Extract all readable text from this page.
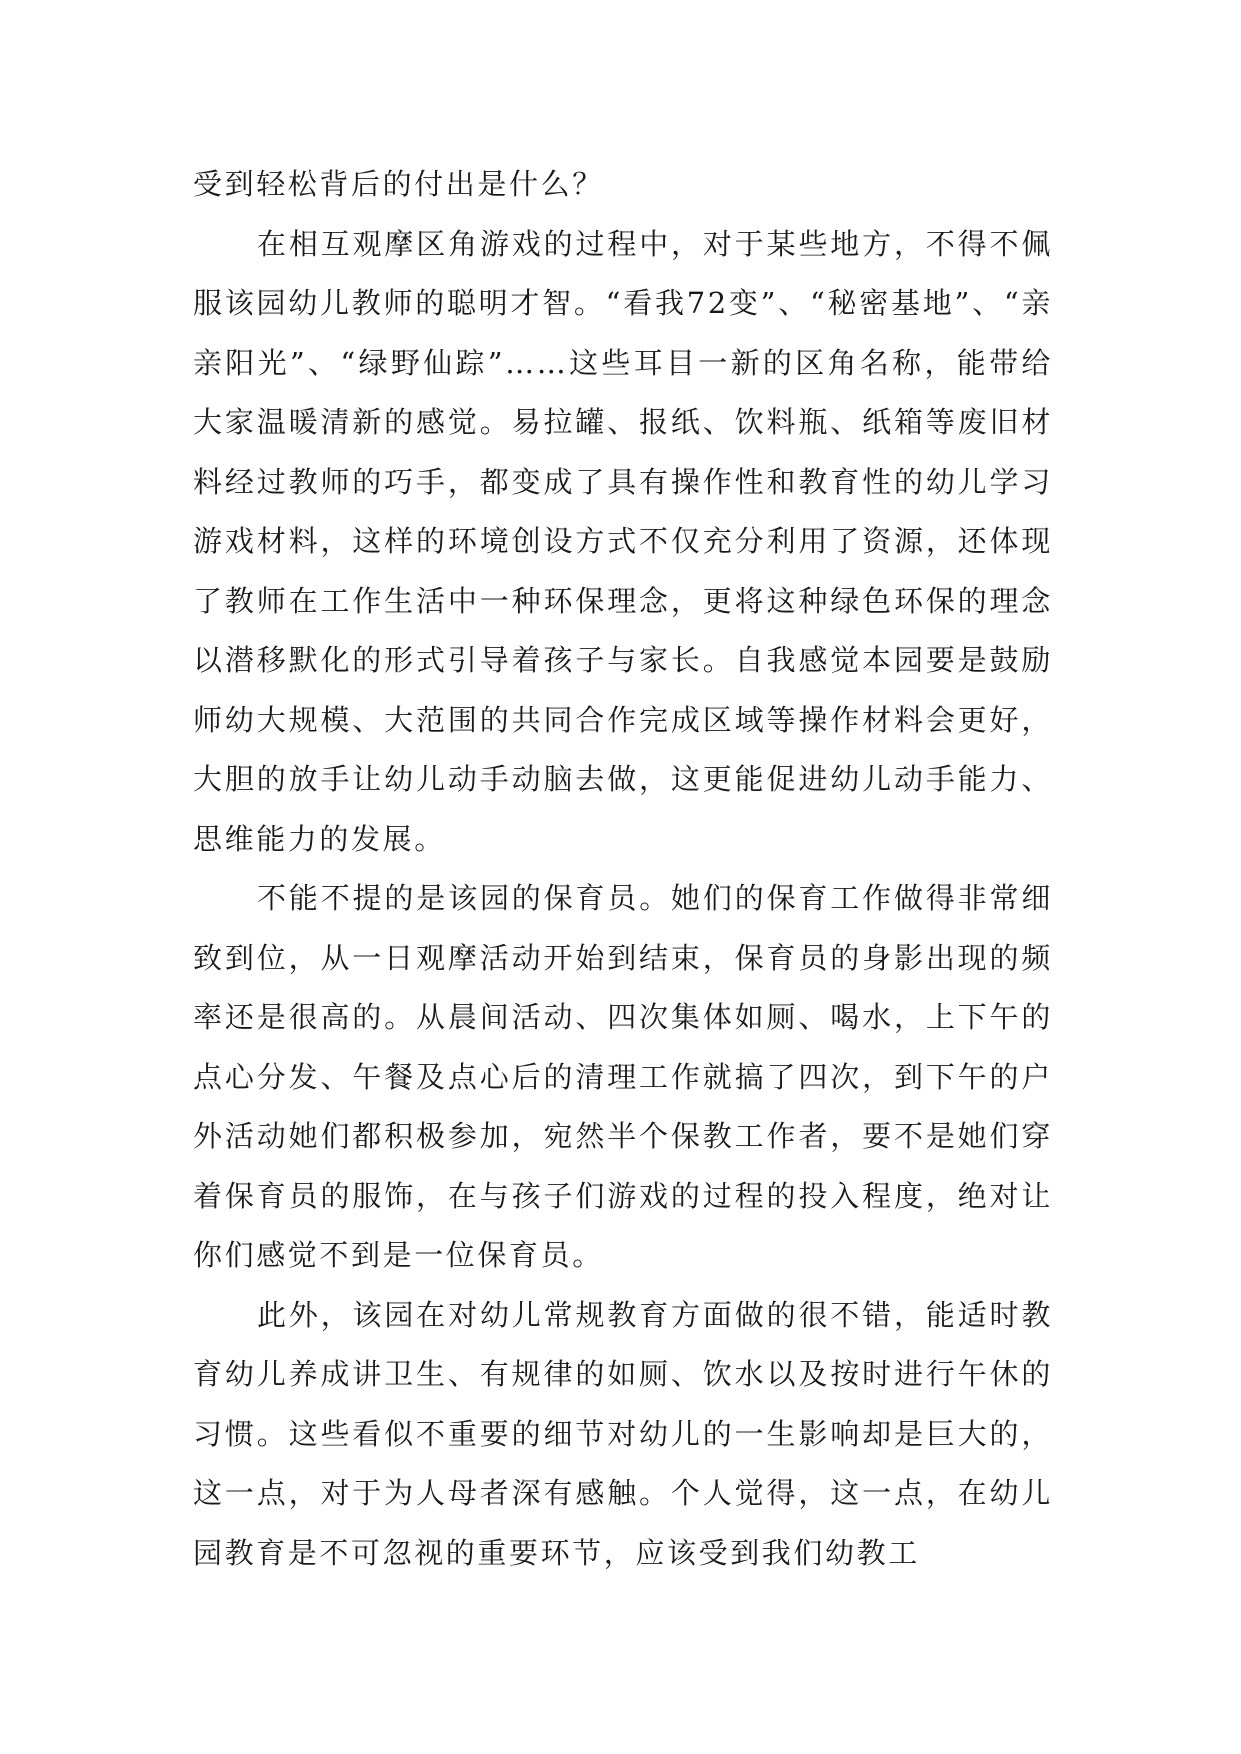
受到轻松背后的付出是什么？

在相互观摩区角游戏的过程中，对于某些地方，不得不佩服该园幼儿教师的聪明才智。“看我72变”、“秘密基地”、“亲亲阳光”、“绿野仙踪”……这些耳目一新的区角名称，能带给大家温暖清新的感觉。易拉罐、报纸、饮料瓶、纸箱等废旧材料经过教师的巧手，都变成了具有操作性和教育性的幼儿学习游戏材料，这样的环境创设方式不仅充分利用了资源，还体现了教师在工作生活中一种环保理念，更将这种绿色环保的理念以潜移默化的形式引导着孩子与家长。自我感觉本园要是鼓励师幼大规模、大范围的共同合作完成区域等操作材料会更好，大胆的放手让幼儿动手动脑去做，这更能促进幼儿动手能力、思维能力的发展。

不能不提的是该园的保育员。她们的保育工作做得非常细致到位，从一日观摩活动开始到结束，保育员的身影出现的频率还是很高的。从晨间活动、四次集体如厕、喝水，上下午的点心分发、午餐及点心后的清理工作就搞了四次，到下午的户外活动她们都积极参加，宛然半个保教工作者，要不是她们穿着保育员的服饰，在与孩子们游戏的过程的投入程度，绝对让你们感觉不到是一位保育员。

此外，该园在对幼儿常规教育方面做的很不错，能适时教育幼儿养成讲卫生、有规律的如厕、饮水以及按时进行午休的习惯。这些看似不重要的细节对幼儿的一生影响却是巨大的，这一点，对于为人母者深有感触。个人觉得，这一点，在幼儿园教育是不可忽视的重要环节，应该受到我们幼教工
